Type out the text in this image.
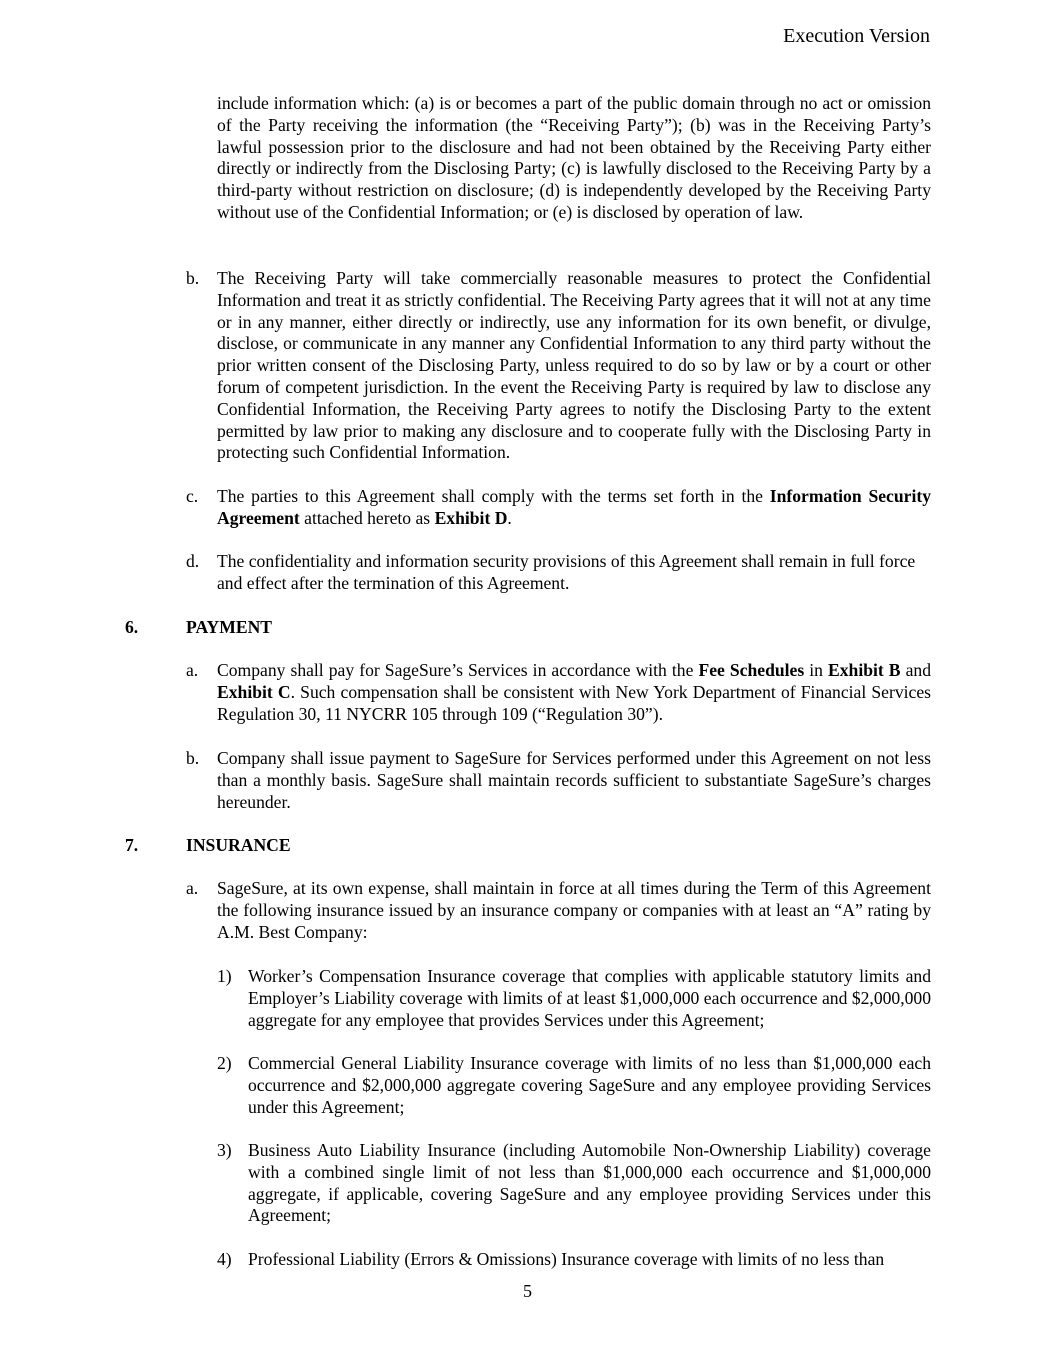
Execution Version

include information which: (a) is or becomes a part of the public domain through no act or omission of the Party receiving the information (the “Receiving Party”); (b) was in the Receiving Party’s lawful possession prior to the disclosure and had not been obtained by the Receiving Party either directly or indirectly from the Disclosing Party; (c) is lawfully disclosed to the Receiving Party by a third-party without restriction on disclosure; (d) is independently developed by the Receiving Party without use of the Confidential Information; or (e) is disclosed by operation of law.

b.	The Receiving Party will take commercially reasonable measures to protect the Confidential Information and treat it as strictly confidential. The Receiving Party agrees that it will not at any time or in any manner, either directly or indirectly, use any information for its own benefit, or divulge, disclose, or communicate in any manner any Confidential Information to any third party without the prior written consent of the Disclosing Party, unless required to do so by law or by a court or other forum of competent jurisdiction. In the event the Receiving Party is required by law to disclose any Confidential Information, the Receiving Party agrees to notify the Disclosing Party to the extent permitted by law prior to making any disclosure and to cooperate fully with the Disclosing Party in protecting such Confidential Information.
c.	The parties to this Agreement shall comply with the terms set forth in the Information Security Agreement attached hereto as Exhibit D.
d.	The confidentiality and information security provisions of this Agreement shall remain in full force and effect after the termination of this Agreement.
6.	PAYMENT
a.	Company shall pay for SageSure’s Services in accordance with the Fee Schedules in Exhibit B and Exhibit C. Such compensation shall be consistent with New York Department of Financial Services Regulation 30, 11 NYCRR 105 through 109 (“Regulation 30”).
b.	Company shall issue payment to SageSure for Services performed under this Agreement on not less than a monthly basis. SageSure shall maintain records sufficient to substantiate SageSure’s charges hereunder.
7.	INSURANCE
a.	SageSure, at its own expense, shall maintain in force at all times during the Term of this Agreement the following insurance issued by an insurance company or companies with at least an “A” rating by A.M. Best Company:
1) Worker’s Compensation Insurance coverage that complies with applicable statutory limits and Employer’s Liability coverage with limits of at least $1,000,000 each occurrence and $2,000,000 aggregate for any employee that provides Services under this Agreement;
2) Commercial General Liability Insurance coverage with limits of no less than $1,000,000 each occurrence and $2,000,000 aggregate covering SageSure and any employee providing Services under this Agreement;
3) Business Auto Liability Insurance (including Automobile Non-Ownership Liability) coverage with a combined single limit of not less than $1,000,000 each occurrence and $1,000,000 aggregate, if applicable, covering SageSure and any employee providing Services under this Agreement;
4) Professional Liability (Errors & Omissions) Insurance coverage with limits of no less than
5
